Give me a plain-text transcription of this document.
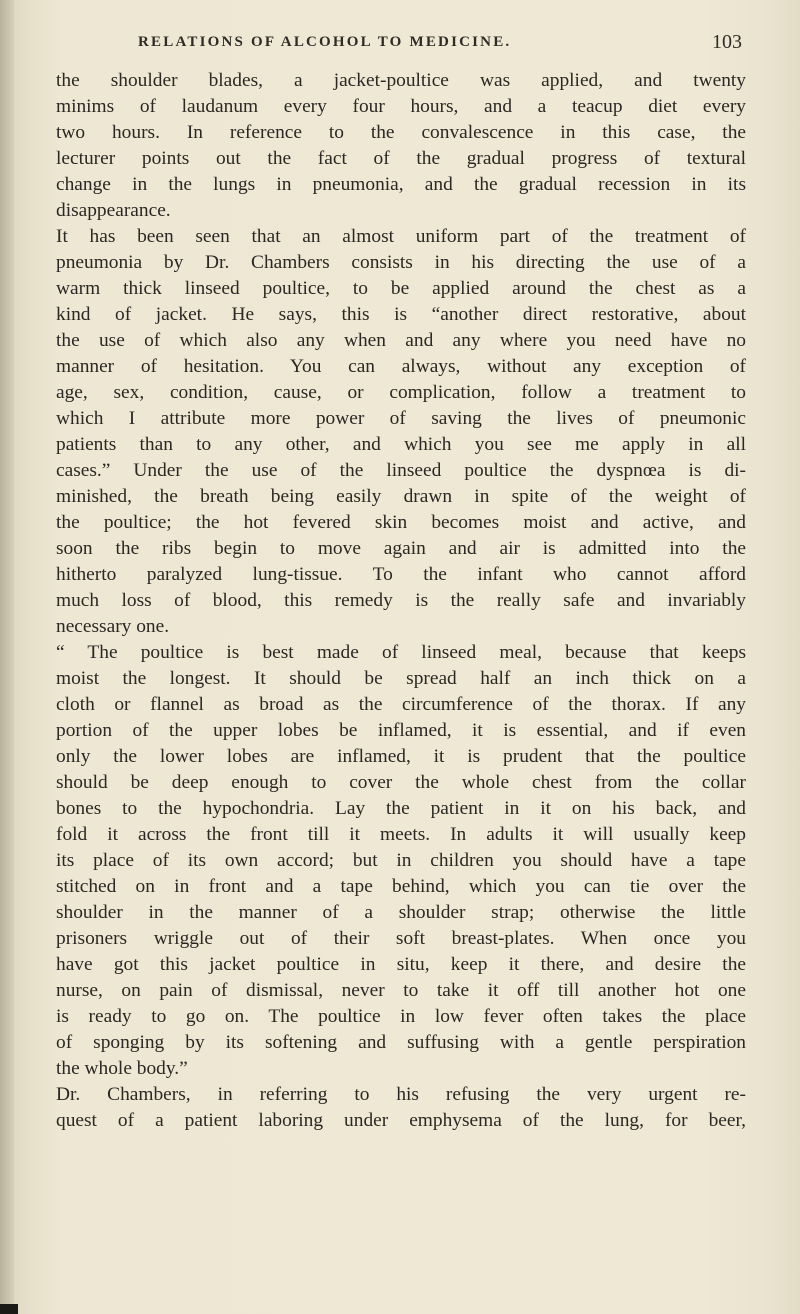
RELATIONS OF ALCOHOL TO MEDICINE.	103
the shoulder blades, a jacket-poultice was applied, and twenty
minims of laudanum every four hours, and a teacup diet every
two hours. In reference to the convalescence in this case, the
lecturer points out the fact of the gradual progress of textural
change in the lungs in pneumonia, and the gradual recession in its
disappearance.
It has been seen that an almost uniform part of the treatment of
pneumonia by Dr. Chambers consists in his directing the use of a
warm thick linseed poultice, to be applied around the chest as a
kind of jacket. He says, this is “another direct restorative, about
the use of which also any when and any where you need have no
manner of hesitation. You can always, without any exception of
age, sex, condition, cause, or complication, follow a treatment to
which I attribute more power of saving the lives of pneumonic
patients than to any other, and which you see me apply in all
cases.” Under the use of the linseed poultice the dyspnœa is di-
minished, the breath being easily drawn in spite of the weight of
the poultice; the hot fevered skin becomes moist and active, and
soon the ribs begin to move again and air is admitted into the
hitherto paralyzed lung-tissue. To the infant who cannot afford
much loss of blood, this remedy is the really safe and invariably
necessary one.
“ The poultice is best made of linseed meal, because that keeps
moist the longest. It should be spread half an inch thick on a
cloth or flannel as broad as the circumference of the thorax. If any
portion of the upper lobes be inflamed, it is essential, and if even
only the lower lobes are inflamed, it is prudent that the poultice
should be deep enough to cover the whole chest from the collar
bones to the hypochondria. Lay the patient in it on his back, and
fold it across the front till it meets. In adults it will usually keep
its place of its own accord; but in children you should have a tape
stitched on in front and a tape behind, which you can tie over the
shoulder in the manner of a shoulder strap; otherwise the little
prisoners wriggle out of their soft breast-plates. When once you
have got this jacket poultice in situ, keep it there, and desire the
nurse, on pain of dismissal, never to take it off till another hot one
is ready to go on. The poultice in low fever often takes the place
of sponging by its softening and suffusing with a gentle perspiration
the whole body.”
Dr. Chambers, in referring to his refusing the very urgent re-
quest of a patient laboring under emphysema of the lung, for beer,
